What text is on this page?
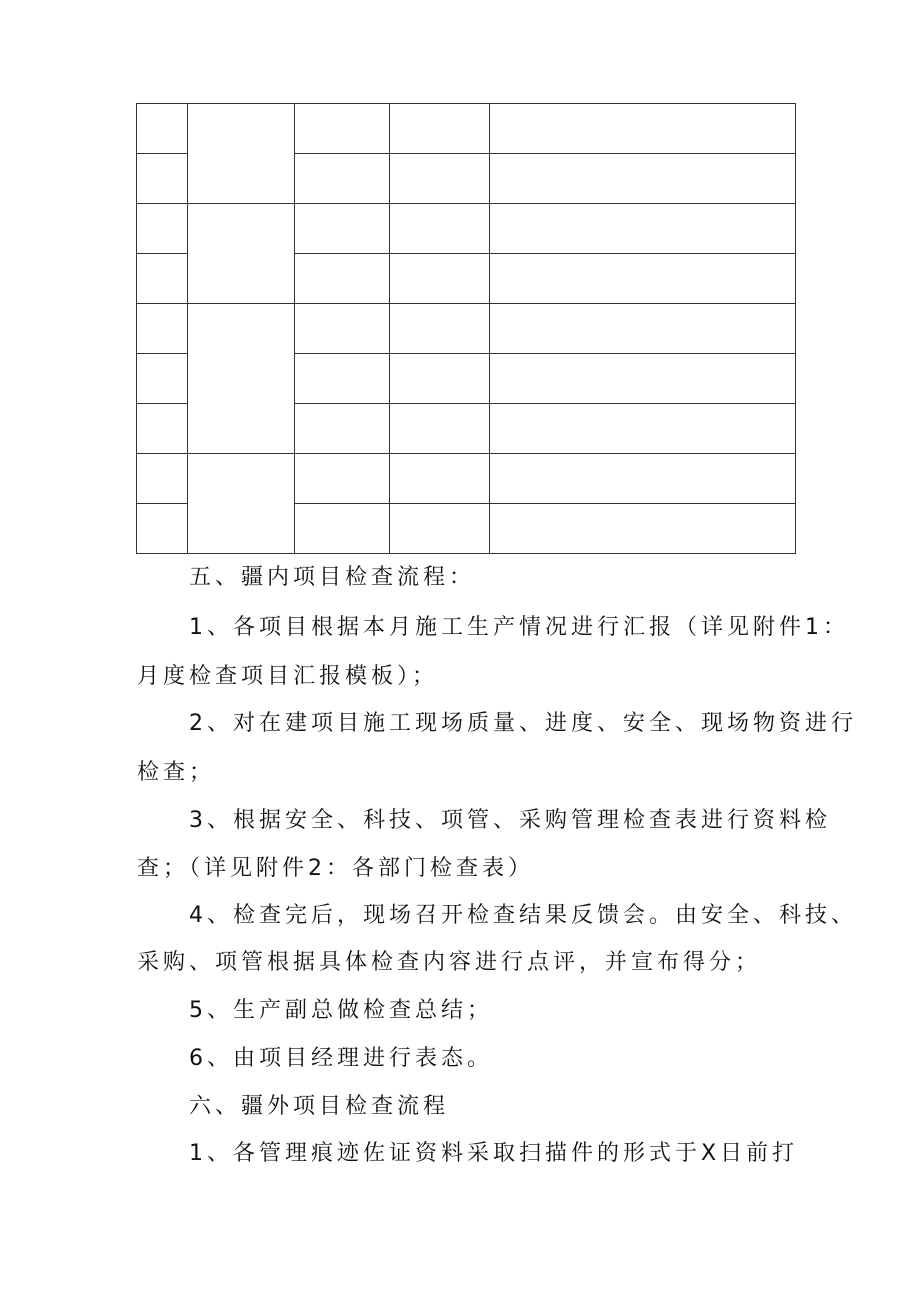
五、疆内项目检查流程：

1、各项目根据本月施工生产情况进行汇报（详见附件1：

月度检查项目汇报模板）；

2、对在建项目施工现场质量、进度、安全、现场物资进行

检查；

3、根据安全、科技、项管、采购管理检查表进行资料检

查；（详见附件2：各部门检查表）

4、检查完后，现场召开检查结果反馈会。由安全、科技、

采购、项管根据具体检查内容进行点评，并宣布得分；

5、生产副总做检查总结；

6、由项目经理进行表态。

六、疆外项目检查流程

1、各管理痕迹佐证资料采取扫描件的形式于X日前打
